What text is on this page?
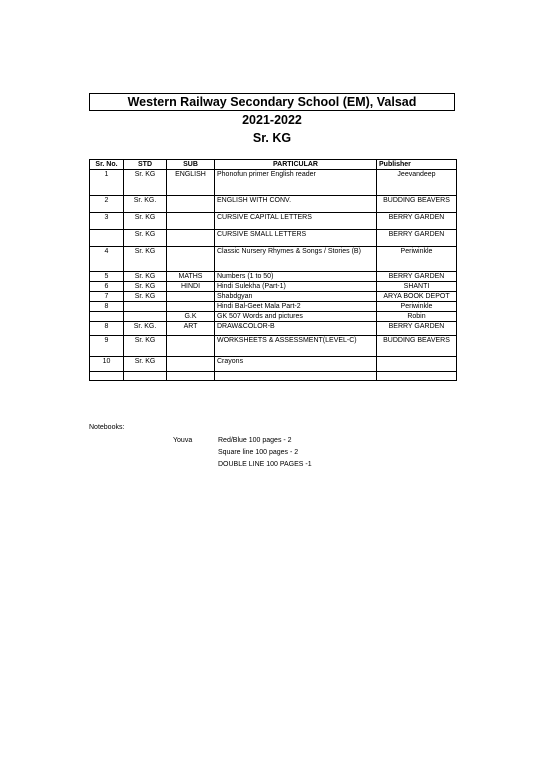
Western Railway Secondary School (EM), Valsad
2021-2022
Sr. KG
Sr. No.	STD	SUB	PARTICULAR	Publisher
1	Sr. KG	ENGLISH	Phonofun primer English reader	Jeevandeep
2	Sr. KG.		ENGLISH WITH CONV.	BUDDING BEAVERS
3	Sr. KG		CURSIVE CAPITAL LETTERS	BERRY GARDEN
	Sr. KG		CURSIVE SMALL LETTERS	BERRY GARDEN
4	Sr. KG		Classic Nursery Rhymes & Songs / Stories (B)	Periwinkle
5	Sr. KG	MATHS	Numbers (1 to 50)	BERRY GARDEN
6	Sr. KG	HINDI	Hindi Sulekha (Part-1)	SHANTI
7	Sr. KG		Shabdgyan	ARYA BOOK DEPOT
8			Hindi Bal-Geet Mala Part-2	Periwinkle
		G.K	GK 507 Words and pictures	Robin
8	Sr. KG.	ART	DRAW&COLOR-B	BERRY GARDEN
9	Sr. KG		WORKSHEETS & ASSESSMENT(LEVEL-C)	BUDDING BEAVERS
10	Sr. KG		Crayons	

Notebooks:
Youva	Red/Blue 100 pages - 2
Square line 100 pages - 2
DOUBLE LINE 100 PAGES -1
